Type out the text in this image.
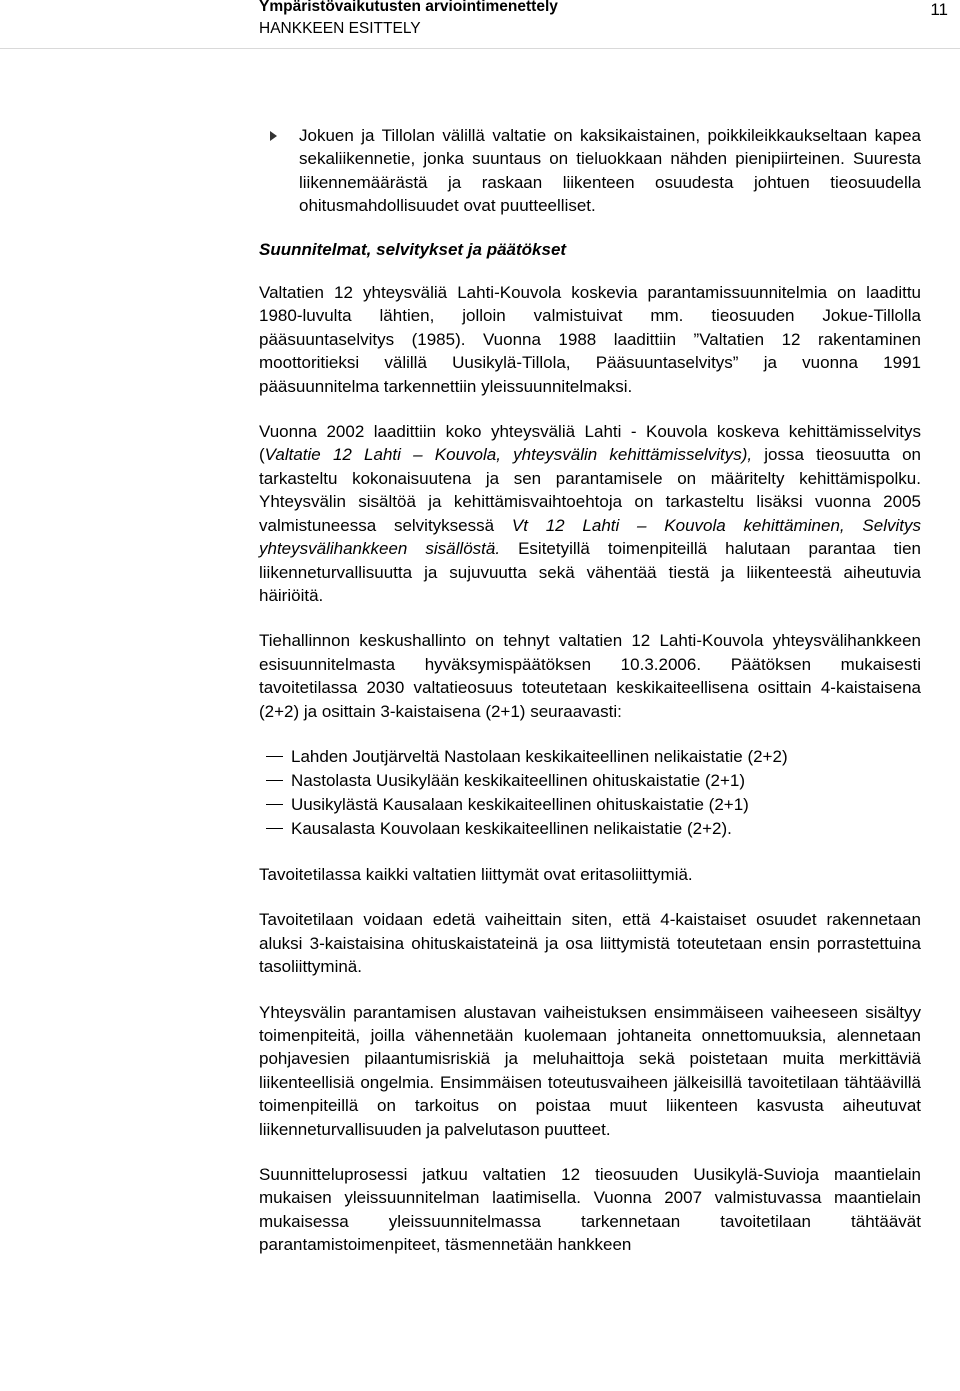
Ympäristövaikutusten arviointimenettely
HANKKEEN ESITTELY
11
Jokuen ja Tillolan välillä valtatie on kaksikaistainen, poikkileikkaukseltaan kapea sekaliikennetie, jonka suuntaus on tieluokkaan nähden pienipiirteinen. Suuresta liikennemäärästä ja raskaan liikenteen osuudesta johtuen tieosuudella ohitusmahdollisuudet ovat puutteelliset.
Suunnitelmat, selvitykset ja päätökset
Valtatien 12 yhteysväliä Lahti-Kouvola koskevia parantamissuunnitelmia on laadittu 1980-luvulta lähtien, jolloin valmistuivat mm. tieosuuden Jokue-Tillolla pääsuuntaselvitys (1985). Vuonna 1988 laadittiin ”Valtatien 12 rakentaminen moottoritieksi välillä Uusikylä-Tillola, Pääsuuntaselvitys” ja vuonna 1991 pääsuunnitelma tarkennettiin yleissuunnitelmaksi.
Vuonna 2002 laadittiin koko yhteysväliä Lahti - Kouvola koskeva kehittämisselvitys (Valtatie 12 Lahti – Kouvola, yhteysvälin kehittämisselvitys), jossa tieosuutta on tarkasteltu kokonaisuutena ja sen parantamisele on määritelty kehittämispolku. Yhteysvälin sisältöä ja kehittämisvaihtoehtoja on tarkasteltu lisäksi vuonna 2005 valmistuneessa selvityksessä Vt 12 Lahti – Kouvola kehittäminen, Selvitys yhteysvälihankkeen sisällöstä. Esitetyillä toimenpiteillä halutaan parantaa tien liikenneturvallisuutta ja sujuvuutta sekä vähentää tiestä ja liikenteestä aiheutuvia häiriöitä.
Tiehallinnon keskushallinto on tehnyt valtatien 12 Lahti-Kouvola yhteysvälihankkeen esisuunnitelmasta hyväksymispäätöksen 10.3.2006. Päätöksen mukaisesti tavoitetilassa 2030 valtatieosuus toteutetaan keskikaiteellisena osittain 4-kaistaisena (2+2) ja osittain 3-kaistaisena (2+1) seuraavasti:
Lahden Joutjärveltä Nastolaan keskikaiteellinen nelikaistatie (2+2)
Nastolasta Uusikylään keskikaiteellinen ohituskaistatie (2+1)
Uusikylästä Kausalaan keskikaiteellinen ohituskaistatie (2+1)
Kausalasta Kouvolaan keskikaiteellinen nelikaistatie (2+2).
Tavoitetilassa kaikki valtatien liittymät ovat eritasoliittymiä.
Tavoitetilaan voidaan edetä vaiheittain siten, että 4-kaistaiset osuudet rakennetaan aluksi 3-kaistaisina ohituskaistateinä ja osa liittymistä toteutetaan ensin porrastettuina tasoliittyminä.
Yhteysvälin parantamisen alustavan vaiheistuksen ensimmäiseen vaiheeseen sisältyy toimenpiteitä, joilla vähennetään kuolemaan johtaneita onnettomuuksia, alennetaan pohjavesien pilaantumisriskiä ja meluhaittoja sekä poistetaan muita merkittäviä liikenteellisiä ongelmia. Ensimmäisen toteutusvaiheen jälkeisillä tavoitetilaan tähtäävillä toimenpiteillä on tarkoitus on poistaa muut liikenteen kasvusta aiheutuvat liikenneturvallisuuden ja palvelutason puutteet.
Suunnitteluprosessi jatkuu valtatien 12 tieosuuden Uusikylä-Suvioja maantielain mukaisen yleissuunnitelman laatimisella. Vuonna 2007 valmistuvassa maantielain mukaisessa yleissuunnitelmassa tarkennetaan tavoitetilaan tähtäävät parantamistoimenpiteet, täsmennetään hankkeen
